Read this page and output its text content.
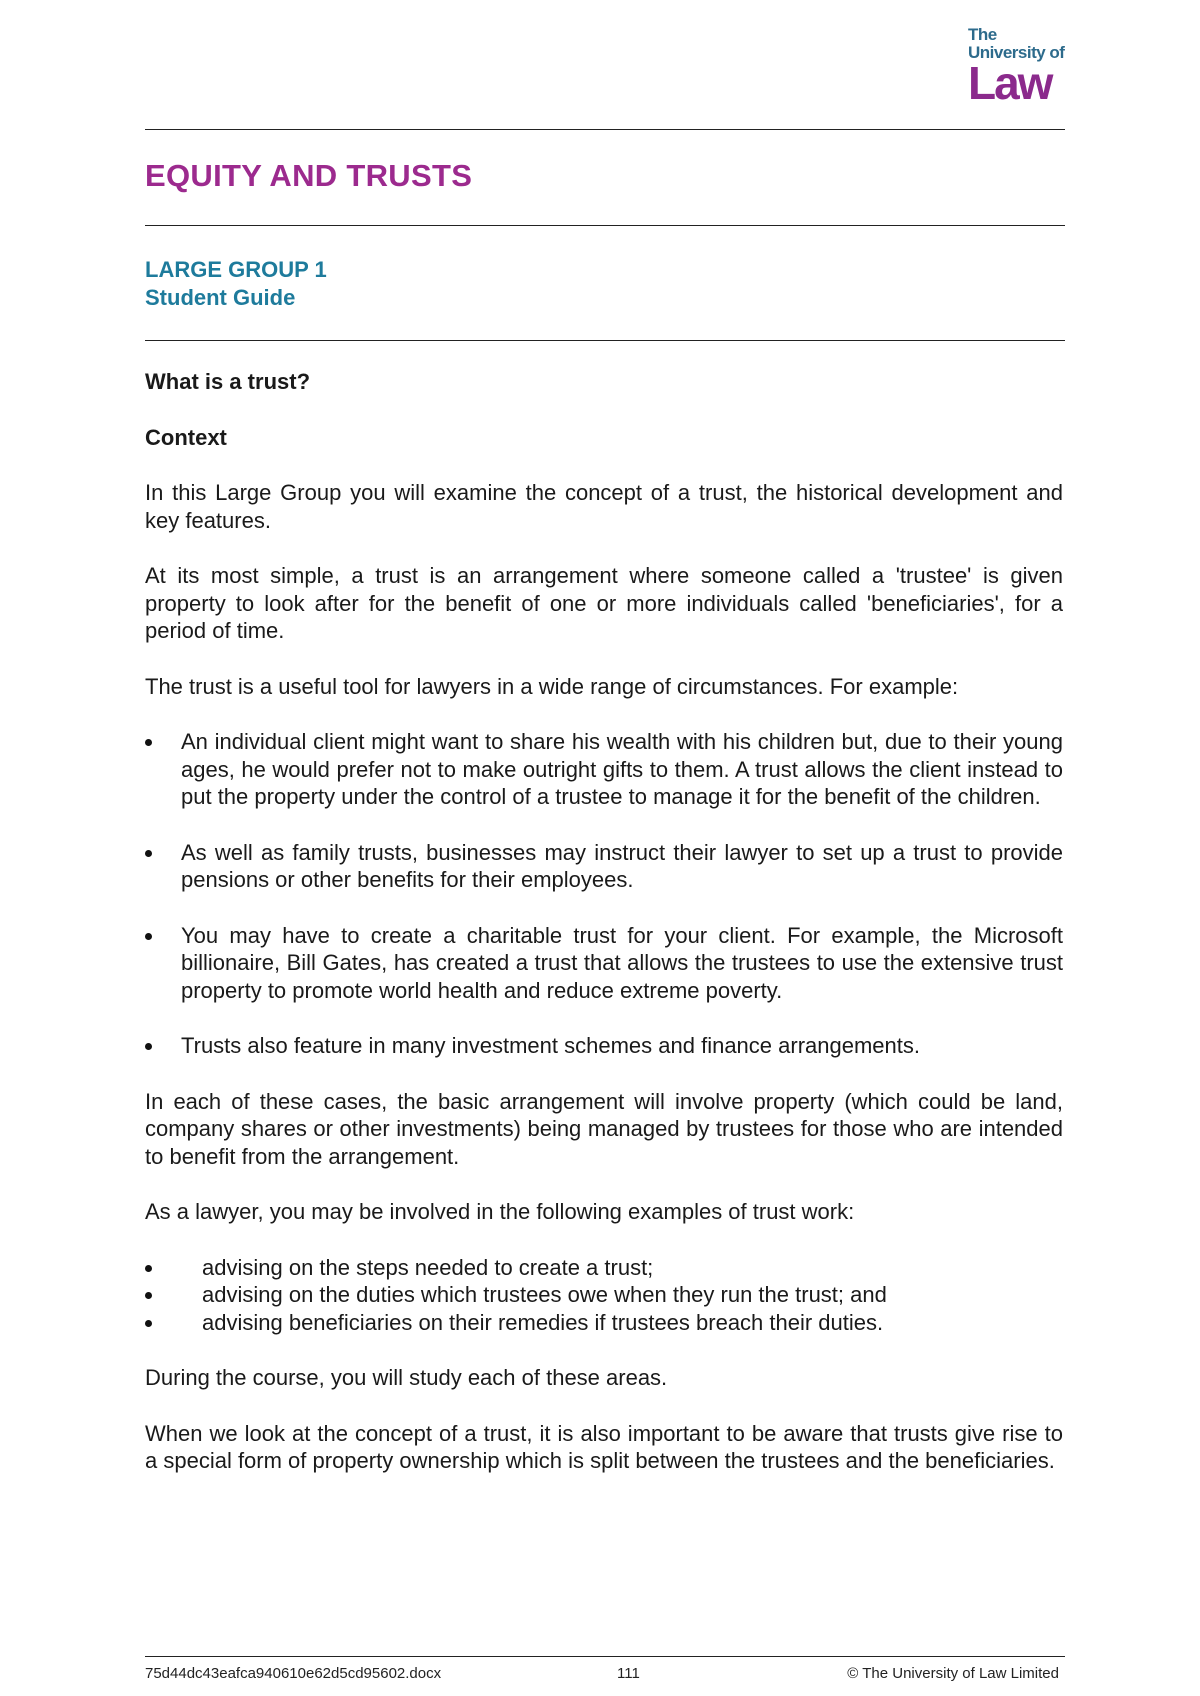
The
University of
Law
EQUITY AND TRUSTS
LARGE GROUP 1
Student Guide
What is a trust?
Context

In this Large Group you will examine the concept of a trust, the historical development and key features.

At its most simple, a trust is an arrangement where someone called a 'trustee' is given property to look after for the benefit of one or more individuals called 'beneficiaries', for a period of time.

The trust is a useful tool for lawyers in a wide range of circumstances. For example:

An individual client might want to share his wealth with his children but, due to their young ages, he would prefer not to make outright gifts to them. A trust allows the client instead to put the property under the control of a trustee to manage it for the benefit of the children.
As well as family trusts, businesses may instruct their lawyer to set up a trust to provide pensions or other benefits for their employees.
You may have to create a charitable trust for your client. For example, the Microsoft billionaire, Bill Gates, has created a trust that allows the trustees to use the extensive trust property to promote world health and reduce extreme poverty.
Trusts also feature in many investment schemes and finance arrangements.

In each of these cases, the basic arrangement will involve property (which could be land, company shares or other investments) being managed by trustees for those who are intended to benefit from the arrangement.

As a lawyer, you may be involved in the following examples of trust work:

advising on the steps needed to create a trust;
advising on the duties which trustees owe when they run the trust; and
advising beneficiaries on their remedies if trustees breach their duties.

During the course, you will study each of these areas.

When we look at the concept of a trust, it is also important to be aware that trusts give rise to a special form of property ownership which is split between the trustees and the beneficiaries.

75d44dc43eafca940610e62d5cd95602.docx	111	© The University of Law Limited
